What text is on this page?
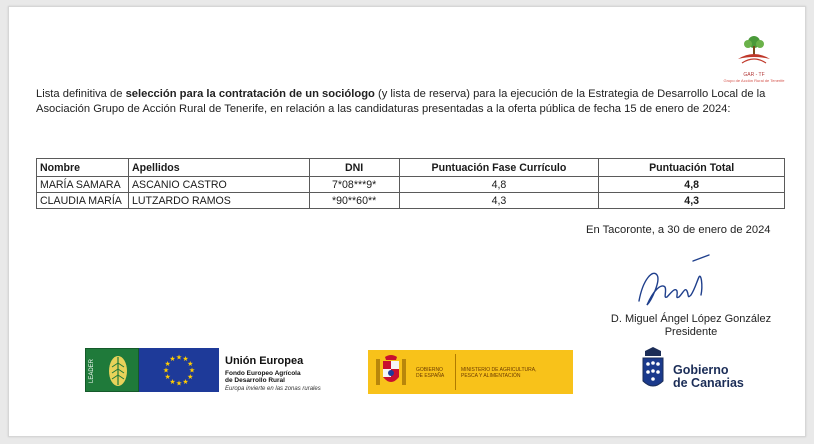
GAR - TF
Grupo de Acción Rural de Tenerife

Lista definitiva de selección para la contratación de un sociólogo (y lista de reserva) para la ejecución de la Estrategia de Desarrollo Local de la Asociación Grupo de Acción Rural de Tenerife, en relación a las candidaturas presentadas a la oferta pública de fecha 15 de enero de 2024:

Nombre	Apellidos	DNI	Puntuación Fase Currículo	Puntuación Total
MARÍA SAMARA	ASCANIO CASTRO	7*08***9*	4,8	4,8
CLAUDIA MARÍA	LUTZARDO RAMOS	*90**60**	4,3	4,3
En Tacoronte, a 30 de enero de 2024
D. Miguel Ángel López González
Presidente
LEADER
★ ★
★
★
★
★
★
★
★
★
★
★	Unión Europea
Fondo Europeo Agrícola
de Desarrollo Rural
Europa invierte en las zonas rurales
GOBIERNO
DE ESPAÑA
MINISTERIO DE AGRICULTURA,
PESCA Y ALIMENTACIÓN	Gobierno
de Canarias
